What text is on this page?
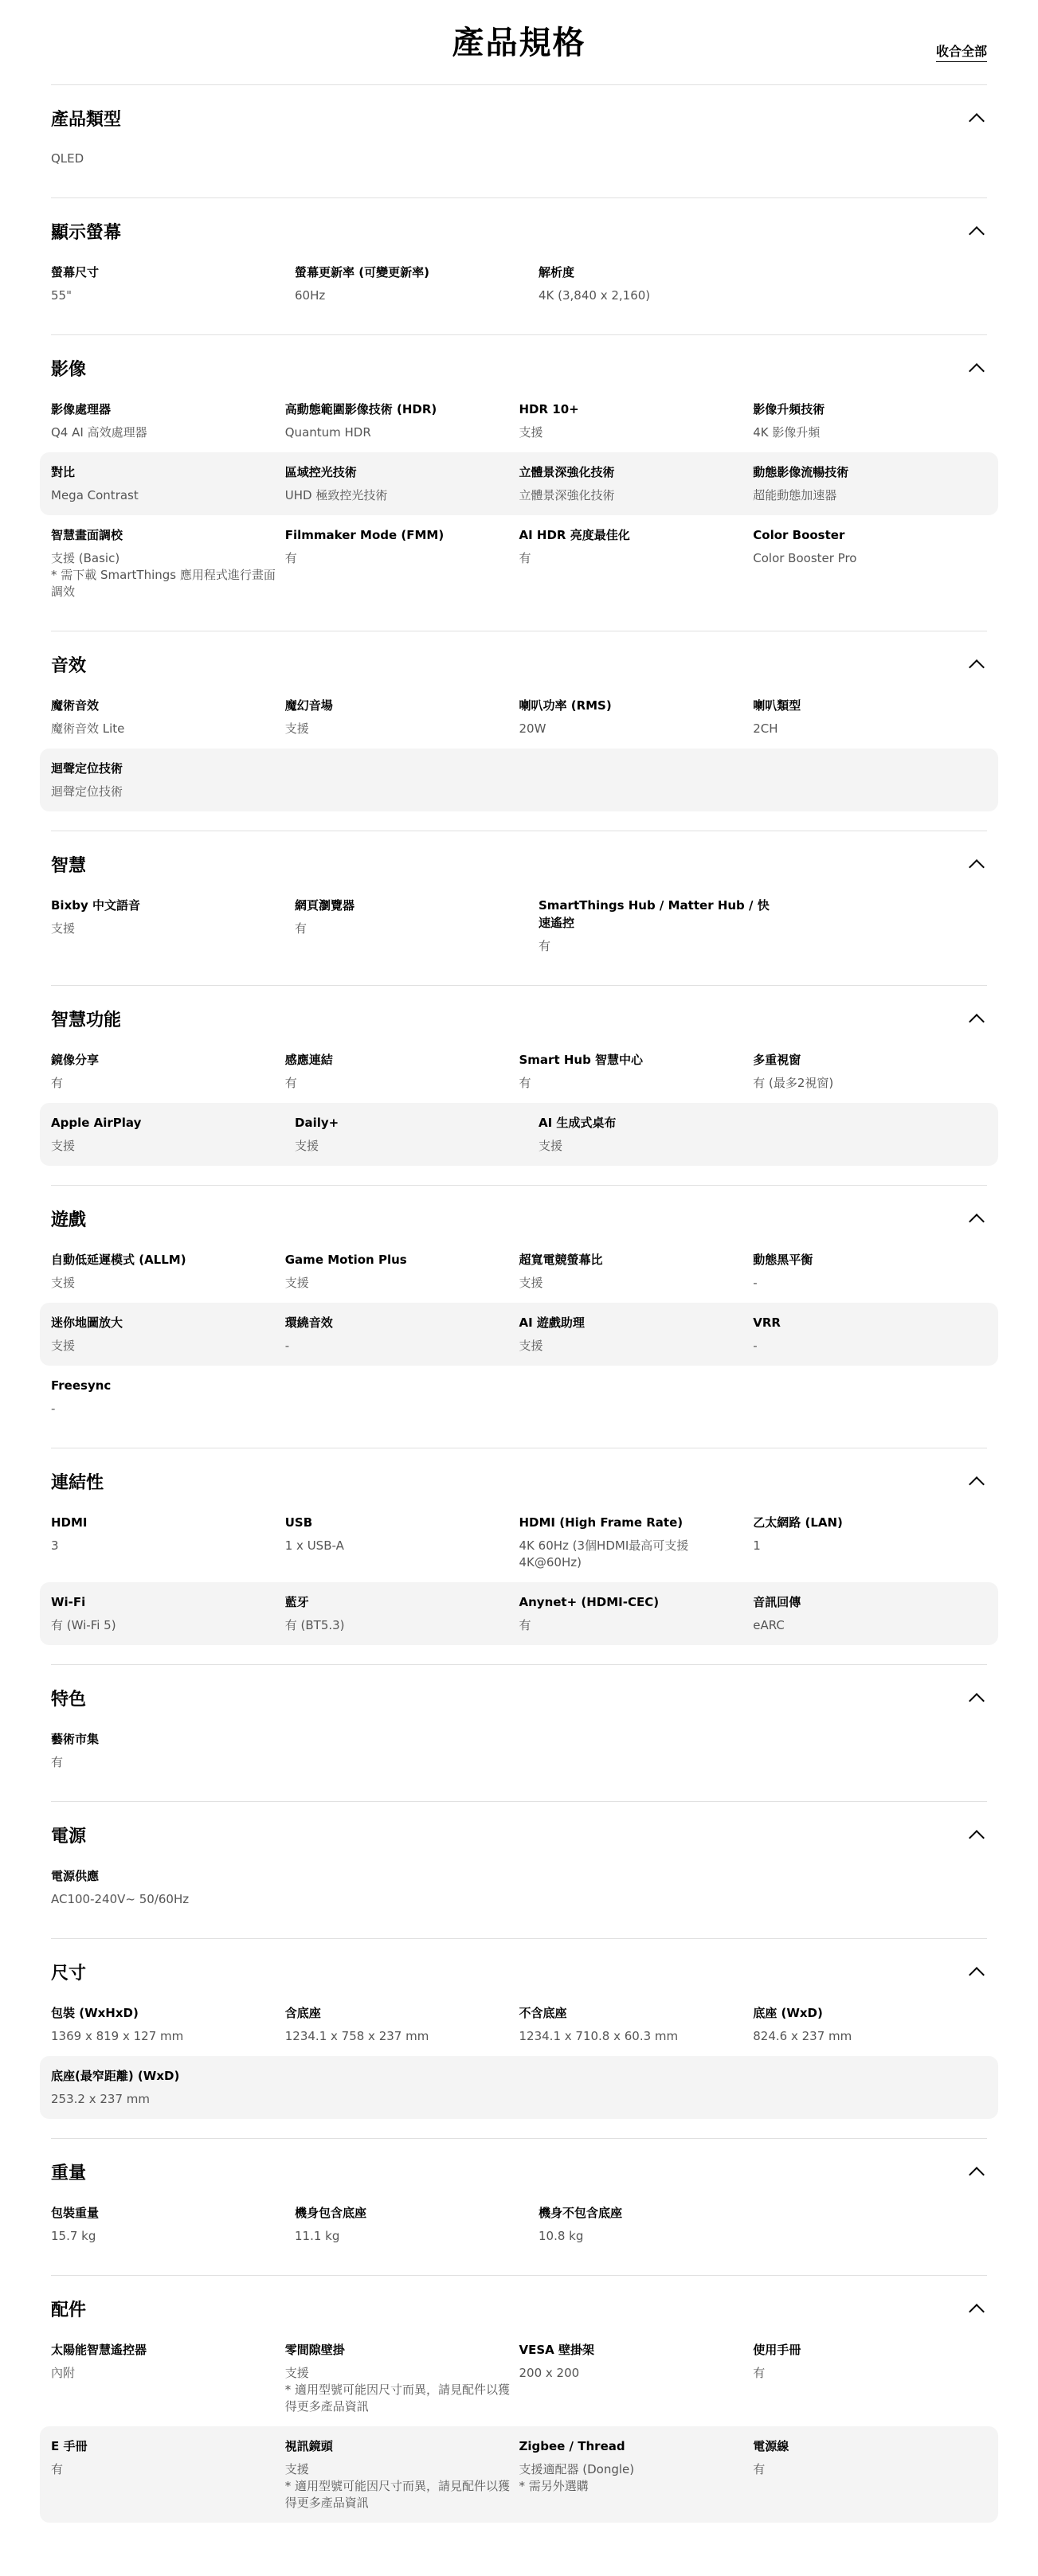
產品規格	收合全部
產品類型
QLED
顯示螢幕
螢幕尺寸
55"
螢幕更新率 (可變更新率)
60Hz
解析度
4K (3,840 x 2,160)
影像
影像處理器
Q4 AI 高效處理器
高動態範圍影像技術 (HDR)
Quantum HDR
HDR 10+
支援
影像升頻技術
4K 影像升頻
對比
Mega Contrast
區域控光技術
UHD 極致控光技術
立體景深強化技術
立體景深強化技術
動態影像流暢技術
超能動態加速器
智慧畫面調校
支援 (Basic)
* 需下載 SmartThings 應用程式進行畫面調效
Filmmaker Mode (FMM)
有
AI HDR 亮度最佳化
有
Color Booster
Color Booster Pro
音效
魔術音效
魔術音效 Lite
魔幻音場
支援
喇叭功率 (RMS)
20W
喇叭類型
2CH
迴聲定位技術
迴聲定位技術
智慧
Bixby 中文語音
支援
網頁瀏覽器
有
SmartThings Hub / Matter Hub / 快速遙控
有
智慧功能
鏡像分享
有
感應連結
有
Smart Hub 智慧中心
有
多重視窗
有 (最多2視窗)
Apple AirPlay
支援
Daily+
支援
AI 生成式桌布
支援
遊戲
自動低延遲模式 (ALLM)
支援
Game Motion Plus
支援
超寬電競螢幕比
支援
動態黑平衡
-
迷你地圖放大
支援
環繞音效
-
AI 遊戲助理
支援
VRR
-
Freesync
-
連結性
HDMI
3
USB
1 x USB-A
HDMI (High Frame Rate)
4K 60Hz (3個HDMI最高可支援4K@60Hz)
乙太網路 (LAN)
1
Wi-Fi
有 (Wi-Fi 5)
藍牙
有 (BT5.3)
Anynet+ (HDMI-CEC)
有
音訊回傳
eARC
特色
藝術市集
有
電源
電源供應
AC100-240V~ 50/60Hz
尺寸
包裝 (WxHxD)
1369 x 819 x 127 mm
含底座
1234.1 x 758 x 237 mm
不含底座
1234.1 x 710.8 x 60.3 mm
底座 (WxD)
824.6 x 237 mm
底座(最窄距離) (WxD)
253.2 x 237 mm
重量
包裝重量
15.7 kg
機身包含底座
11.1 kg
機身不包含底座
10.8 kg
配件
太陽能智慧遙控器
內附
零間隙壁掛
支援
* 適用型號可能因尺寸而異，請見配件以獲得更多產品資訊
VESA 壁掛架
200 x 200
使用手冊
有
E 手冊
有
視訊鏡頭
支援
* 適用型號可能因尺寸而異，請見配件以獲得更多產品資訊
Zigbee / Thread
支援適配器 (Dongle)
* 需另外選購
電源線
有
